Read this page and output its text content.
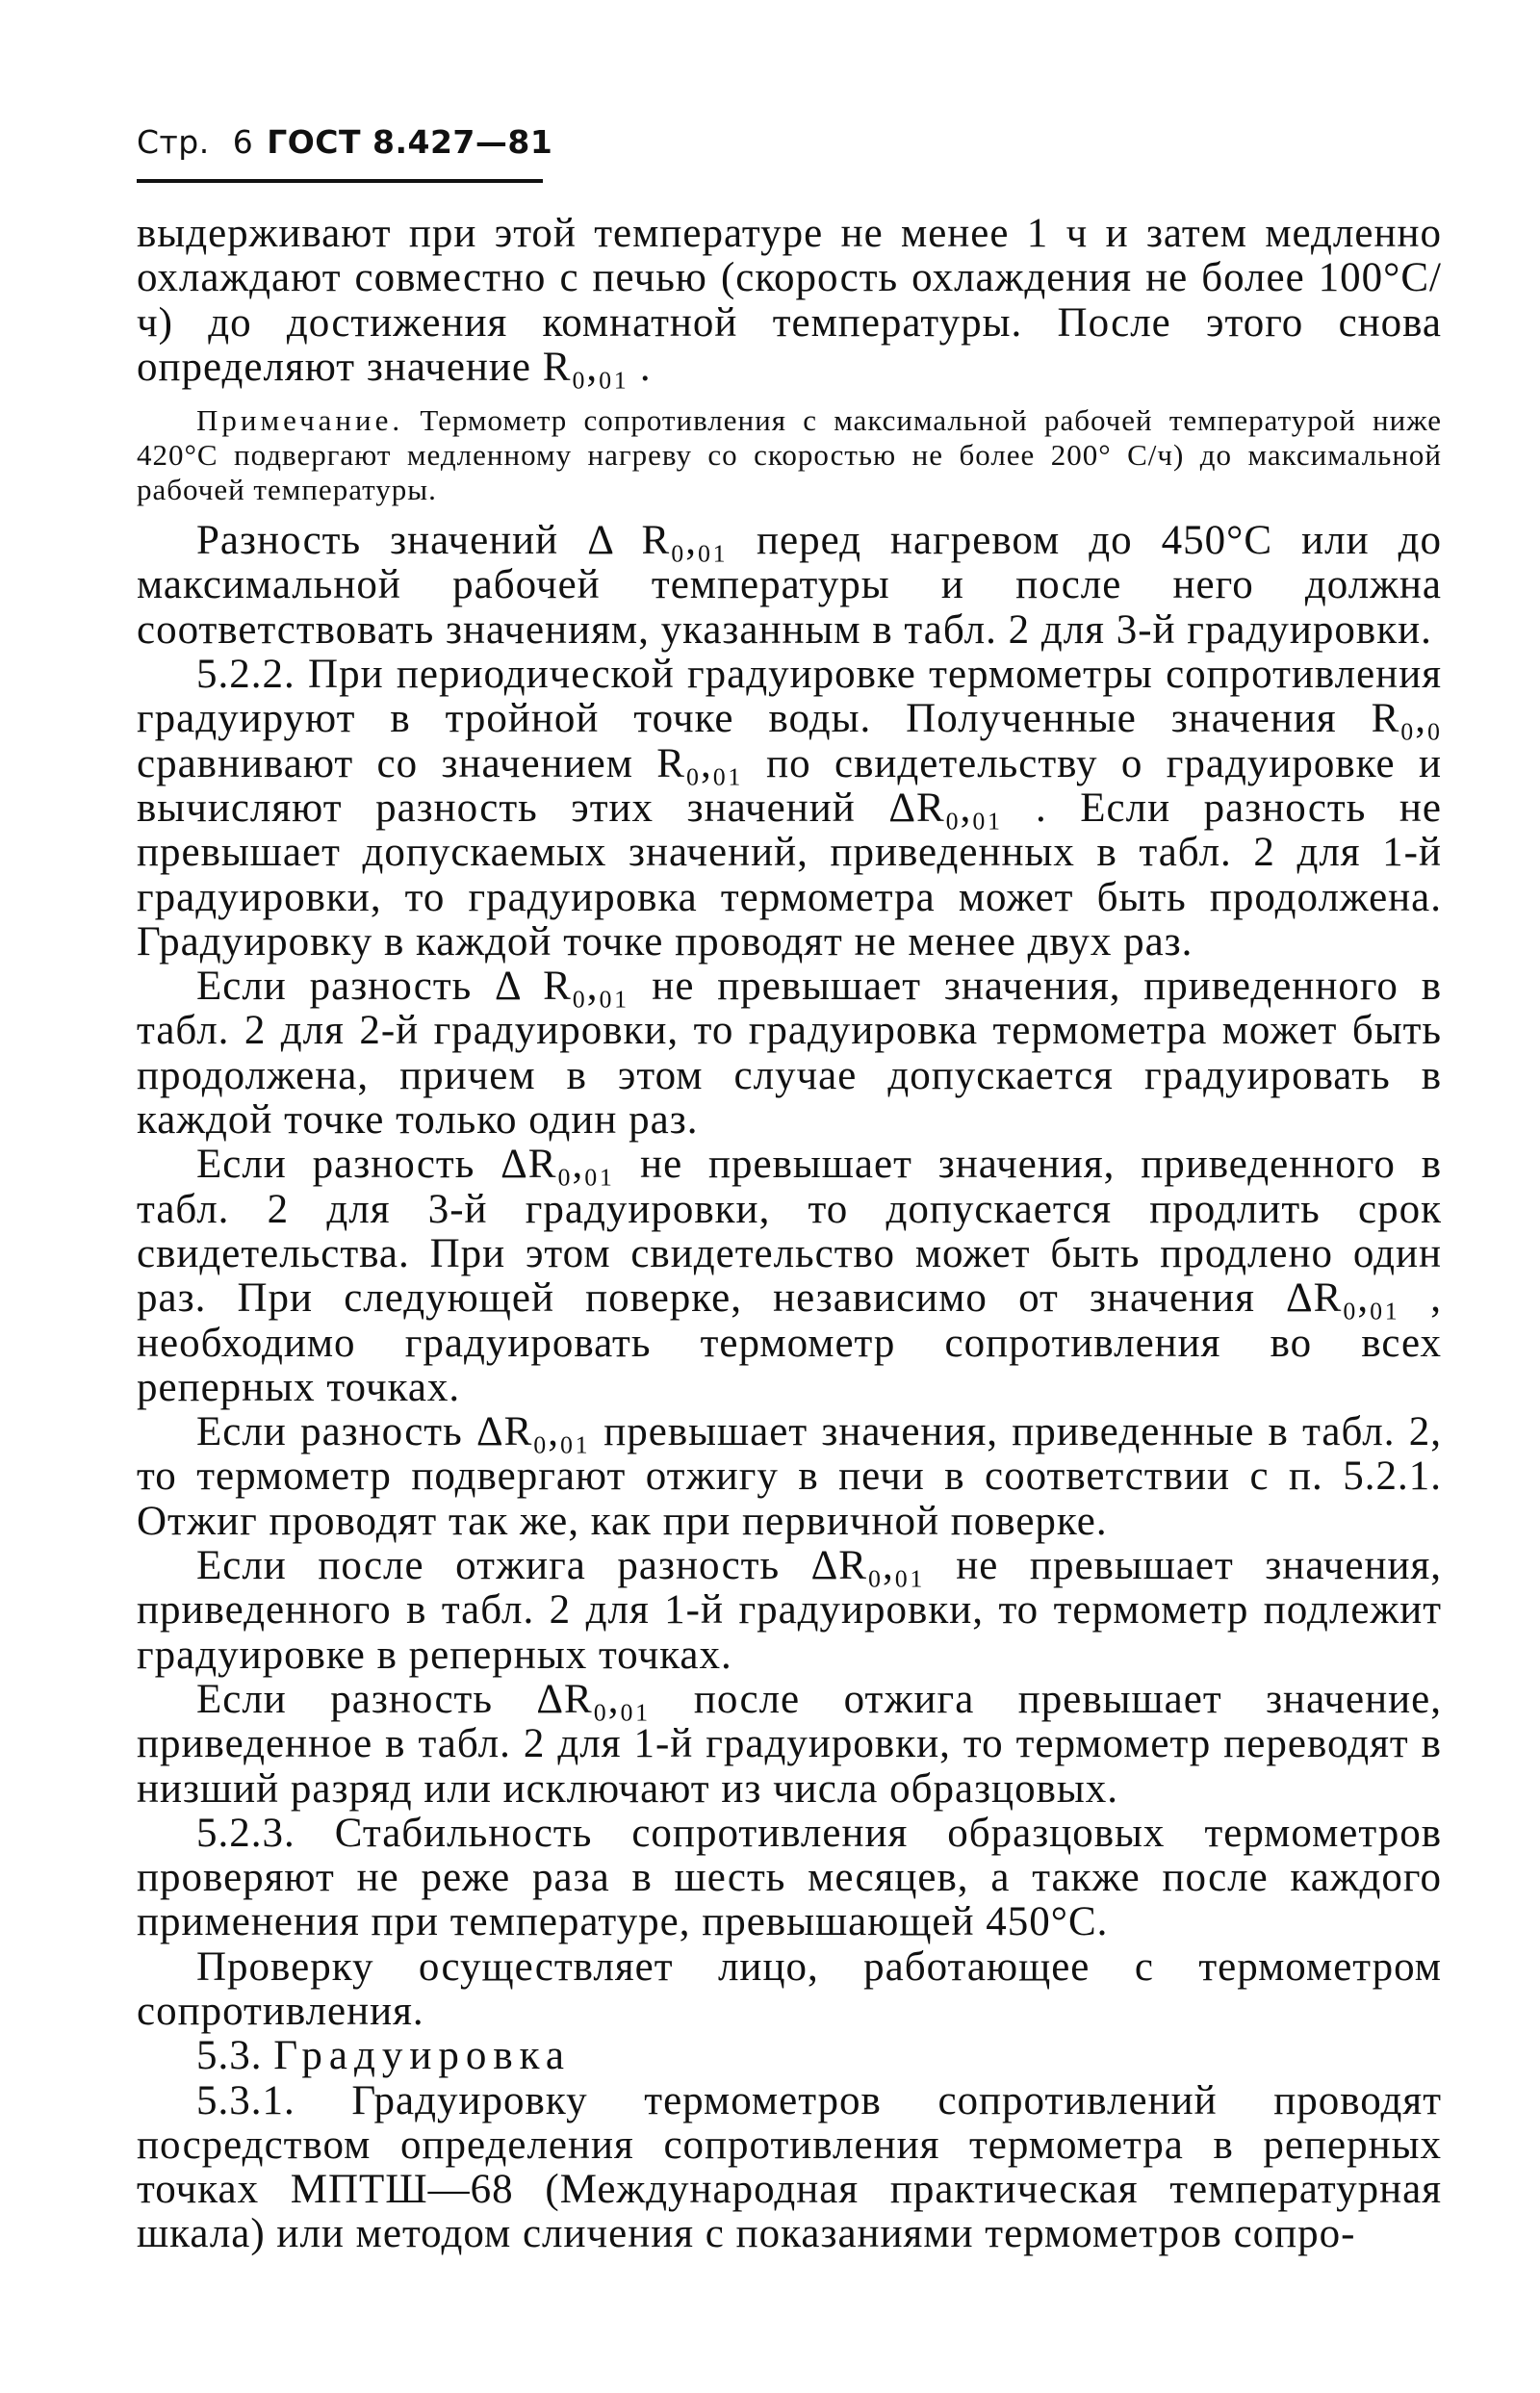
Стр. 6 ГОСТ 8.427—81

выдерживают при этой температуре не менее 1 ч и затем медленно охлаждают совместно с печью (скорость охлаждения не более 100°С/ч) до достижения комнатной температуры. После этого снова определяют значение R₀,₀₁ .

Примечание. Термометр сопротивления с максимальной рабочей температурой ниже 420°С подвергают медленному нагреву со скоростью не более 200° С/ч) до максимальной рабочей температуры.

Разность значений Δ R₀,₀₁ перед нагревом до 450°С или до максимальной рабочей температуры и после него должна соответствовать значениям, указанным в табл. 2 для 3-й градуировки.

5.2.2. При периодической градуировке термометры сопротивления градуируют в тройной точке воды. Полученные значения R₀,₀ сравнивают со значением R₀,₀₁ по свидетельству о градуировке и вычисляют разность этих значений ΔR₀,₀₁ . Если разность не превышает допускаемых значений, приведенных в табл. 2 для 1-й градуировки, то градуировка термометра может быть продолжена. Градуировку в каждой точке проводят не менее двух раз.

Если разность Δ R₀,₀₁ не превышает значения, приведенного в табл. 2 для 2-й градуировки, то градуировка термометра может быть продолжена, причем в этом случае допускается градуировать в каждой точке только один раз.

Если разность ΔR₀,₀₁ не превышает значения, приведенного в табл. 2 для 3-й градуировки, то допускается продлить срок свидетельства. При этом свидетельство может быть продлено один раз. При следующей поверке, независимо от значения ΔR₀,₀₁ , необходимо градуировать термометр сопротивления во всех реперных точках.

Если разность ΔR₀,₀₁ превышает значения, приведенные в табл. 2, то термометр подвергают отжигу в печи в соответствии с п. 5.2.1. Отжиг проводят так же, как при первичной поверке.

Если после отжига разность ΔR₀,₀₁ не превышает значения, приведенного в табл. 2 для 1-й градуировки, то термометр подлежит градуировке в реперных точках.

Если разность ΔR₀,₀₁ после отжига превышает значение, приведенное в табл. 2 для 1-й градуировки, то термометр переводят в низший разряд или исключают из числа образцовых.

5.2.3. Стабильность сопротивления образцовых термометров проверяют не реже раза в шесть месяцев, а также после каждого применения при температуре, превышающей 450°С.

Проверку осуществляет лицо, работающее с термометром сопротивления.

5.3. Градуировка

5.3.1. Градуировку термометров сопротивлений проводят посредством определения сопротивления термометра в реперных точках МПТШ—68 (Международная практическая температурная шкала) или методом сличения с показаниями термометров сопро-
